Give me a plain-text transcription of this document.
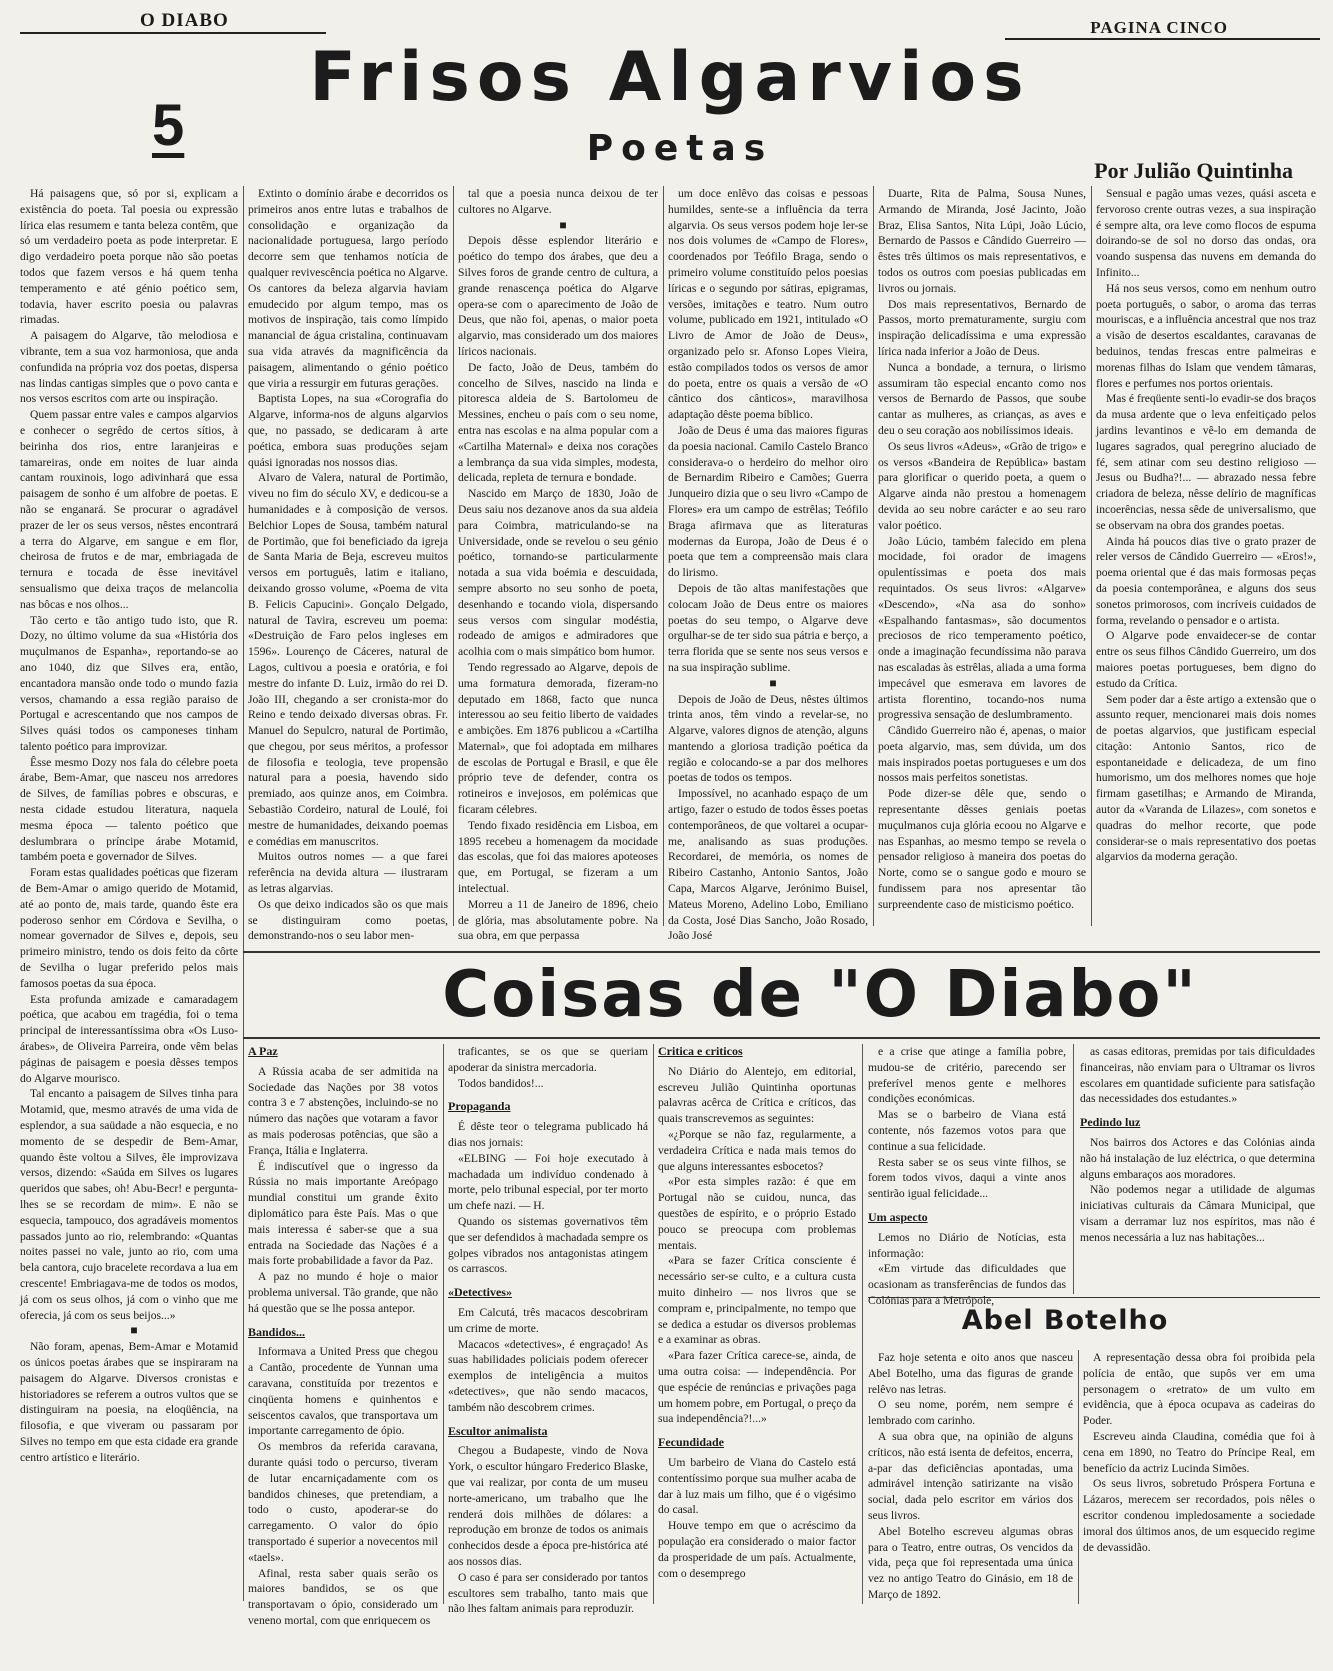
O DIABO	PAGINA CINCO
5
Frisos Algarvios
Poetas
Por Julião Quintinha

Há paisagens que, só por si, explicam a existência do poeta. Tal poesia ou expressão lírica elas resumem e tanta beleza contêm, que só um verdadeiro poeta as pode interpretar. E digo verdadeiro poeta porque não são poetas todos que fazem versos e há quem tenha temperamento e até génio poético sem, todavia, haver escrito poesia ou palavras rimadas.

A paisagem do Algarve, tão melodiosa e vibrante, tem a sua voz harmoniosa, que anda confundida na própria voz dos poetas, dispersa nas lindas cantigas simples que o povo canta e nos versos escritos com arte ou inspiração.

Quem passar entre vales e campos algarvios e conhecer o segrêdo de certos sítios, à beirinha dos rios, entre laranjeiras e tamareiras, onde em noites de luar ainda cantam rouxinois, logo adivinhará que essa paisagem de sonho é um alfobre de poetas. E não se enganará. Se procurar o agradável prazer de ler os seus versos, nêstes encontrará a terra do Algarve, em sangue e em flor, cheirosa de frutos e de mar, embriagada de ternura e tocada de êsse inevitável sensualismo que deixa traços de melancolia nas bôcas e nos olhos...

Tão certo e tão antigo tudo isto, que R. Dozy, no último volume da sua «História dos muçulmanos de Espanha», reportando-se ao ano 1040, diz que Silves era, então, encantadora mansão onde todo o mundo fazia versos, chamando a essa região paraiso de Portugal e acrescentando que nos campos de Silves quási todos os camponeses tinham talento poético para improvizar.

Êsse mesmo Dozy nos fala do célebre poeta árabe, Bem-Amar, que nasceu nos arredores de Silves, de famílias pobres e obscuras, e nesta cidade estudou literatura, naquela mesma época — talento poético que deslumbrara o príncipe árabe Motamid, também poeta e governador de Silves.

Foram estas qualidades poéticas que fizeram de Bem-Amar o amigo querido de Motamid, até ao ponto de, mais tarde, quando êste era poderoso senhor em Córdova e Sevilha, o nomear governador de Silves e, depois, seu primeiro ministro, tendo os dois feito da côrte de Sevilha o lugar preferido pelos mais famosos poetas da sua época.

Esta profunda amizade e camaradagem poética, que acabou em tragédia, foi o tema principal de interessantíssima obra «Os Luso-árabes», de Oliveira Parreira, onde vêm belas páginas de paisagem e poesia dêsses tempos do Algarve mourisco.

Tal encanto a paisagem de Silves tinha para Motamid, que, mesmo através de uma vida de esplendor, a sua saüdade a não esquecia, e no momento de se despedir de Bem-Amar, quando êste voltou a Silves, êle improvizava versos, dizendo: «Saúda em Silves os lugares queridos que sabes, oh! Abu-Becr! e pergunta-lhes se se recordam de mim». E não se esquecia, tampouco, dos agradáveis momentos passados junto ao rio, relembrando: «Quantas noites passei no vale, junto ao rio, com uma bela cantora, cujo bracelete recordava a lua em crescente! Embriagava-me de todos os modos, já com os seus olhos, já com o vinho que me oferecia, já com os seus beijos...»

■

Não foram, apenas, Bem-Amar e Motamid os únicos poetas árabes que se inspiraram na paisagem do Algarve. Diversos cronistas e historiadores se referem a outros vultos que se distinguiram na poesia, na eloqüência, na filosofia, e que viveram ou passaram por Silves no tempo em que esta cidade era grande centro artístico e literário.

Extinto o domínio árabe e decorridos os primeiros anos entre lutas e trabalhos de consolidação e organização da nacionalidade portuguesa, largo período decorre sem que tenhamos notícia de qualquer revivescência poética no Algarve. Os cantores da beleza algarvia haviam emudecido por algum tempo, mas os motivos de inspiração, tais como límpido manancial de água cristalina, continuavam sua vida através da magnificência da paisagem, alimentando o génio poético que viria a ressurgir em futuras gerações.

Baptista Lopes, na sua «Corografia do Algarve, informa-nos de alguns algarvios que, no passado, se dedicaram à arte poética, embora suas produções sejam quási ignoradas nos nossos dias.

Alvaro de Valera, natural de Portimão, viveu no fim do século XV, e dedicou-se a humanidades e à composição de versos. Belchior Lopes de Sousa, também natural de Portimão, que foi beneficiado da igreja de Santa Maria de Beja, escreveu muitos versos em português, latim e italiano, deixando grosso volume, «Poema de vita B. Felicis Capucini». Gonçalo Delgado, natural de Tavira, escreveu um poema: «Destruição de Faro pelos ingleses em 1596». Lourenço de Cáceres, natural de Lagos, cultivou a poesia e oratória, e foi mestre do infante D. Luiz, irmão do rei D. João III, chegando a ser cronista-mor do Reino e tendo deixado diversas obras. Fr. Manuel do Sepulcro, natural de Portimão, que chegou, por seus méritos, a professor de filosofia e teologia, teve propensão natural para a poesia, havendo sido premiado, aos quinze anos, em Coimbra. Sebastião Cordeiro, natural de Loulé, foi mestre de humanidades, deixando poemas e comédias em manuscritos.

Muitos outros nomes — a que farei referência na devida altura — ilustraram as letras algarvias.

Os que deixo indicados são os que mais se distinguiram como poetas, demonstrando-nos o seu labor men-

tal que a poesia nunca deixou de ter cultores no Algarve.

■

Depois dêsse esplendor literário e poético do tempo dos árabes, que deu a Silves foros de grande centro de cultura, a grande renascença poética do Algarve opera-se com o aparecimento de João de Deus, que não foi, apenas, o maior poeta algarvio, mas considerado um dos maiores líricos nacionais.

De facto, João de Deus, também do concelho de Silves, nascido na linda e pitoresca aldeia de S. Bartolomeu de Messines, encheu o país com o seu nome, entra nas escolas e na alma popular com a «Cartilha Maternal» e deixa nos corações a lembrança da sua vida simples, modesta, delicada, repleta de ternura e bondade.

Nascido em Março de 1830, João de Deus saiu nos dezanove anos da sua aldeia para Coimbra, matriculando-se na Universidade, onde se revelou o seu génio poético, tornando-se particularmente notada a sua vida boémia e descuidada, sempre absorto no seu sonho de poeta, desenhando e tocando viola, dispersando seus versos com singular modéstia, rodeado de amigos e admiradores que acolhia com o mais simpático bom humor.

Tendo regressado ao Algarve, depois de uma formatura demorada, fizeram-no deputado em 1868, facto que nunca interessou ao seu feitio liberto de vaidades e ambições. Em 1876 publicou a «Cartilha Maternal», que foi adoptada em milhares de escolas de Portugal e Brasil, e que êle próprio teve de defender, contra os rotineiros e invejosos, em polémicas que ficaram célebres.

Tendo fixado residência em Lisboa, em 1895 recebeu a homenagem da mocidade das escolas, que foi das maiores apoteoses que, em Portugal, se fizeram a um intelectual.

Morreu a 11 de Janeiro de 1896, cheio de glória, mas absolutamente pobre. Na sua obra, em que perpassa

um doce enlêvo das coisas e pessoas humildes, sente-se a influência da terra algarvia. Os seus versos podem hoje ler-se nos dois volumes de «Campo de Flores», coordenados por Teófilo Braga, sendo o primeiro volume constituído pelos poesias líricas e o segundo por sátiras, epigramas, versões, imitações e teatro. Num outro volume, publicado em 1921, intitulado «O Livro de Amor de João de Deus», organizado pelo sr. Afonso Lopes Vieira, estão compilados todos os versos de amor do poeta, entre os quais a versão de «O cântico dos cânticos», maravilhosa adaptação dêste poema bíblico.

João de Deus é uma das maiores figuras da poesia nacional. Camilo Castelo Branco considerava-o o herdeiro do melhor oiro de Bernardim Ribeiro e Camões; Guerra Junqueiro dizia que o seu livro «Campo de Flores» era um campo de estrêlas; Teófilo Braga afirmava que as literaturas modernas da Europa, João de Deus é o poeta que tem a compreensão mais clara do lirismo.

Depois de tão altas manifestações que colocam João de Deus entre os maiores poetas do seu tempo, o Algarve deve orgulhar-se de ter sido sua pátria e berço, a terra florida que se sente nos seus versos e na sua inspiração sublime.

■

Depois de João de Deus, nêstes últimos trinta anos, têm vindo a revelar-se, no Algarve, valores dignos de atenção, alguns mantendo a gloriosa tradição poética da região e colocando-se a par dos melhores poetas de todos os tempos.

Impossível, no acanhado espaço de um artigo, fazer o estudo de todos êsses poetas contemporâneos, de que voltarei a ocupar-me, analisando as suas produções. Recordarei, de memória, os nomes de Ribeiro Castanho, Antonio Santos, João Capa, Marcos Algarve, Jerónimo Buisel, Mateus Moreno, Adelino Lobo, Emiliano da Costa, José Dias Sancho, João Rosado, João José

Duarte, Rita de Palma, Sousa Nunes, Armando de Miranda, José Jacinto, João Braz, Elisa Santos, Nita Lúpi, João Lúcio, Bernardo de Passos e Cândido Guerreiro — êstes três últimos os mais representativos, e todos os outros com poesias publicadas em livros ou jornais.

Dos mais representativos, Bernardo de Passos, morto prematuramente, surgiu com inspiração delicadíssima e uma expressão lírica nada inferior a João de Deus.

Nunca a bondade, a ternura, o lirismo assumiram tão especial encanto como nos versos de Bernardo de Passos, que soube cantar as mulheres, as crianças, as aves e deu o seu coração aos nobilíssimos ideais.

Os seus livros «Adeus», «Grão de trigo» e os versos «Bandeira de República» bastam para glorificar o querido poeta, a quem o Algarve ainda não prestou a homenagem devida ao seu nobre carácter e ao seu raro valor poético.

João Lúcio, também falecido em plena mocidade, foi orador de imagens opulentíssimas e poeta dos mais requintados. Os seus livros: «Algarve» «Descendo», «Na asa do sonho» «Espalhando fantasmas», são documentos preciosos de rico temperamento poético, onde a imaginação fecundíssima não parava nas escaladas às estrêlas, aliada a uma forma impecável que esmerava em lavores de artista florentino, tocando-nos numa progressiva sensação de deslumbramento.

Cândido Guerreiro não é, apenas, o maior poeta algarvio, mas, sem dúvida, um dos mais inspirados poetas portugueses e um dos nossos mais perfeitos sonetistas.

Pode dizer-se dêle que, sendo o representante dêsses geniais poetas muçulmanos cuja glória ecoou no Algarve e nas Espanhas, ao mesmo tempo se revela o pensador religioso à maneira dos poetas do Norte, como se o sangue godo e mouro se fundissem para nos apresentar tão surpreendente caso de misticismo poético.

Sensual e pagão umas vezes, quási asceta e fervoroso crente outras vezes, a sua inspiração é sempre alta, ora leve como flocos de espuma doirando-se de sol no dorso das ondas, ora voando suspensa das nuvens em demanda do Infinito...

Há nos seus versos, como em nenhum outro poeta português, o sabor, o aroma das terras mouriscas, e a influência ancestral que nos traz a visão de desertos escaldantes, caravanas de beduinos, tendas frescas entre palmeiras e morenas filhas do Islam que vendem tâmaras, flores e perfumes nos portos orientais.

Mas é freqüente senti-lo evadir-se dos braços da musa ardente que o leva enfeitiçado pelos jardins levantinos e vê-lo em demanda de lugares sagrados, qual peregrino aluciado de fé, sem atinar com seu destino religioso — Jesus ou Budha?!... — abrazado nessa febre criadora de beleza, nêsse delírio de magníficas incoerências, nessa sêde de universalismo, que se observam na obra dos grandes poetas.

Ainda há poucos dias tive o grato prazer de reler versos de Cândido Guerreiro — «Eros!», poema oriental que é das mais formosas peças da poesia contemporânea, e alguns dos seus sonetos primorosos, com incríveis cuidados de forma, revelando o pensador e o artista.

O Algarve pode envaidecer-se de contar entre os seus filhos Cândido Guerreiro, um dos maiores poetas portugueses, bem digno do estudo da Crítica.

Sem poder dar a êste artigo a extensão que o assunto requer, mencionarei mais dois nomes de poetas algarvios, que justificam especial citação: Antonio Santos, rico de espontaneidade e delicadeza, de um fino humorismo, um dos melhores nomes que hoje firmam gasetilhas; e Armando de Miranda, autor da «Varanda de Lilazes», com sonetos e quadras do melhor recorte, que pode considerar-se o mais representativo dos poetas algarvios da moderna geração.

Coisas de "O Diabo"
A Paz

A Rússia acaba de ser admitida na Sociedade das Nações por 38 votos contra 3 e 7 abstenções, incluindo-se no número das nações que votaram a favor as mais poderosas potências, que são a França, Itália e Inglaterra.

É indiscutível que o ingresso da Rússia no mais importante Areópago mundial constitui um grande êxito diplomático para êste País. Mas o que mais interessa é saber-se que a sua entrada na Sociedade das Nações é a mais forte probabilidade a favor da Paz.

A paz no mundo é hoje o maior problema universal. Tão grande, que não há questão que se lhe possa antepor.

Bandidos...

Informava a United Press que chegou a Cantão, procedente de Yunnan uma caravana, constituída por trezentos e cinqüenta homens e quinhentos e seiscentos cavalos, que transportava um importante carregamento de ópio.

Os membros da referida caravana, durante quási todo o percurso, tiveram de lutar encarniçadamente com os bandidos chineses, que pretendiam, a todo o custo, apoderar-se do carregamento. O valor do ópio transportado é superior a novecentos mil «taels».

Afinal, resta saber quais serão os maiores bandidos, se os que transportavam o ópio, considerado um veneno mortal, com que enriquecem os

traficantes, se os que se queriam apoderar da sinistra mercadoria.

Todos bandidos!...

Propaganda

É dêste teor o telegrama publicado há dias nos jornais:

«ELBING — Foi hoje executado à machadada um indivíduo condenado à morte, pelo tribunal especial, por ter morto um chefe nazi. — H.

Quando os sistemas governativos têm que ser defendidos à machadada sempre os golpes vibrados nos antagonistas atingem os carrascos.

«Detectives»

Em Calcutá, três macacos descobriram um crime de morte.

Macacos «detectives», é engraçado! As suas habilidades policiais podem oferecer exemplos de inteligência a muitos «detectives», que não sendo macacos, também não descobrem crimes.

Escultor animalista

Chegou a Budapeste, vindo de Nova York, o escultor húngaro Frederico Blaske, que vai realizar, por conta de um museu norte-americano, um trabalho que lhe renderá dois milhões de dólares: a reprodução em bronze de todos os animais conhecidos desde a época pre-histórica até aos nossos dias.

O caso é para ser considerado por tantos escultores sem trabalho, tanto mais que não lhes faltam animais para reproduzir.

Critica e criticos

No Diário do Alentejo, em editorial, escreveu Julião Quintinha oportunas palavras acêrca de Crítica e críticos, das quais transcrevemos as seguintes:

«¿Porque se não faz, regularmente, a verdadeira Crítica e nada mais temos do que alguns interessantes esbocetos?

«Por esta simples razão: é que em Portugal não se cuidou, nunca, das questões de espírito, e o próprio Estado pouco se preocupa com problemas mentais.

«Para se fazer Crítica consciente é necessário ser-se culto, e a cultura custa muito dinheiro — nos livros que se compram e, principalmente, no tempo que se dedica a estudar os diversos problemas e a examinar as obras.

«Para fazer Crítica carece-se, ainda, de uma outra coisa: — independência. Por que espécie de renúncias e privações paga um homem pobre, em Portugal, o preço da sua independência?!...»

Fecundidade

Um barbeiro de Viana do Castelo está contentíssimo porque sua mulher acaba de dar à luz mais um filho, que é o vigésimo do casal.

Houve tempo em que o acréscimo da população era considerado o maior factor da prosperidade de um país. Actualmente, com o desemprego

e a crise que atinge a família pobre, mudou-se de critério, parecendo ser preferível menos gente e melhores condições económicas.

Mas se o barbeiro de Viana está contente, nós fazemos votos para que continue a sua felicidade.

Resta saber se os seus vinte filhos, se forem todos vivos, daqui a vinte anos sentirão igual felicidade...

Um aspecto

Lemos no Diário de Notícias, esta informação:

«Em virtude das dificuldades que ocasionam as transferências de fundos das Colónias para a Metrópole,

as casas editoras, premidas por tais dificuldades financeiras, não enviam para o Ultramar os livros escolares em quantidade suficiente para satisfação das necessidades dos estudantes.»

Pedindo luz

Nos bairros dos Actores e das Colónias ainda não há instalação de luz eléctrica, o que determina alguns embaraços aos moradores.

Não podemos negar a utilidade de algumas iniciativas culturais da Câmara Municipal, que visam a derramar luz nos espíritos, mas não é menos necessária a luz nas habitações...

Abel Botelho

Faz hoje setenta e oito anos que nasceu Abel Botelho, uma das figuras de grande relêvo nas letras.

O seu nome, porém, nem sempre é lembrado com carinho.

A sua obra que, na opinião de alguns críticos, não está isenta de defeitos, encerra, a-par das deficiências apontadas, uma admirável intenção satirizante na visão social, dada pelo escritor em vários dos seus livros.

Abel Botelho escreveu algumas obras para o Teatro, entre outras, Os vencidos da vida, peça que foi representada uma única vez no antigo Teatro do Ginásio, em 18 de Março de 1892.

A representação dessa obra foi proibida pela polícia de então, que supôs ver em uma personagem o «retrato» de um vulto em evidência, que à época ocupava as cadeiras do Poder.

Escreveu ainda Claudina, comédia que foi à cena em 1890, no Teatro do Príncipe Real, em benefício da actriz Lucinda Simões.

Os seus livros, sobretudo Próspera Fortuna e Lázaros, merecem ser recordados, pois nêles o escritor condenou impledosamente a sociedade imoral dos últimos anos, de um esquecido regime de devassidão.
